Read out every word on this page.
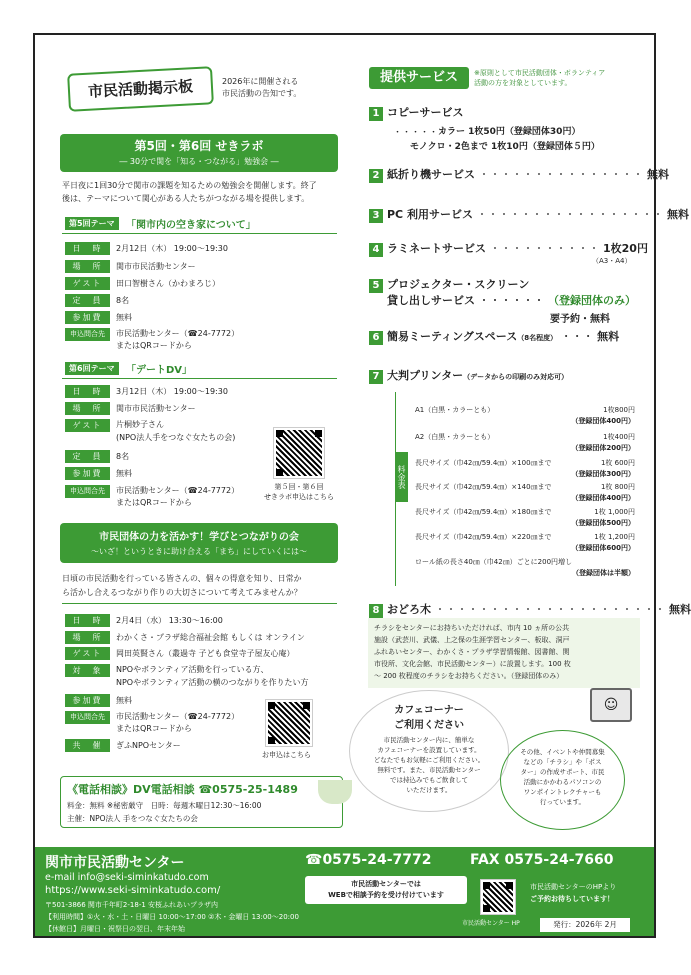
市民活動掲示板	2026年に開催される
市民活動の告知です。
第5回・第6回 せきラボ
― 30分で関を「知る・つながる」勉強会 ―
平日夜に1回30分で関市の課題を知るための勉強会を開催します。終了
後は、テーマについて関心がある人たちがつながる場を提供します。
第5回テーマ	「関市内の空き家について」
日　時	2月12日（木） 19:00～19:30
場　所	関市市民活動センター
ゲスト	田口智樹さん（かわまろじ）
定　員	8名
参加費	無料
申込問合先	市民活動センター（☎24-7772）
またはQRコードから
第6回テーマ	「デートDV」
日　時	3月12日（木） 19:00～19:30
場　所	関市市民活動センター
ゲスト	片桐妙子さん
(NPO法人手をつなぐ女たちの会)
定　員	8名
参加費	無料
申込問合先	市民活動センター（☎24-7772）
またはQRコードから
第５回・第６回
せきラボ申込はこちら
市民団体の力を活かす！学びとつながりの会
～いざ！というときに助け合える「まち」にしていくには～
日頃の市民活動を行っている皆さんの、個々の得意を知り、日常か
ら活かし合えるつながり作りの大切さについて考えてみませんか？
日　時	2月4日（水） 13:30～16:00
場　所	わかくさ・プラザ総合福祉会館 もしくは オンライン
ゲスト	岡田英賢さん（叢過寺 子ども食堂寺子屋友心庵）
対　象	NPOやボランティア活動を行っている方、
NPOやボランティア活動の横のつながりを作りたい方
参加費	無料
申込問合先	市民活動センター（☎24-7772）
またはQRコードから
共　催	ぎふNPOセンター
お申込はこちら
《電話相談》DV電話相談 ☎0575-25-1489
料金：無料 ※秘密厳守　日時：毎週木曜日12:30～16:00
主催：NPO法人 手をつなぐ女たちの会
提供サービス	※原則として市民活動団体・ボランティア
活動の方を対象としています。
1 コピーサービス
・・・・・・
カラー 1枚50円（登録団体30円）
モノクロ・2色まで 1枚10円（登録団体５円）
2 紙折り機サービス ・・・・・・・・・・・・・・・ 無料
3 PC 利用サービス ・・・・・・・・・・・・・・・・・ 無料
4 ラミネートサービス ・・・・・・・・・・ 1枚20円
（A3・A4）
5 プロジェクター・スクリーン
貸し出しサービス ・・・・・・ （登録団体のみ）
要予約・無料
6 簡易ミーティングスペース（8名程度） ・・・ 無料
7 大判プリンター（データからの印刷のみ対応可）
料金表
A1（白黒・カラーとも）	1枚800円
（登録団体400円）
A2（白黒・カラーとも）	1枚400円
（登録団体200円）
長尺サイズ（巾42㎝/59.4㎝）×100㎝まで	1枚 600円
（登録団体300円）
長尺サイズ（巾42㎝/59.4㎝）×140㎝まで	1枚 800円
（登録団体400円）
長尺サイズ（巾42㎝/59.4㎝）×180㎝まで	1枚 1,000円
（登録団体500円）
長尺サイズ（巾42㎝/59.4㎝）×220㎝まで	1枚 1,200円
（登録団体600円）
ロール紙の長さ40㎝（巾42㎝）ごとに200円増し
（登録団体は半額）
8 おどろ木 ・・・・・・・・・・・・・・・・・・・・・ 無料
チラシをセンターにお持ちいただければ、市内 10 ヵ所の公共
施設（武芸川、武儀、上之保の生涯学習センター、板取、洞戸
ふれあいセンター、わかくさ・プラザ学習情報館、図書館、関
市役所、文化会館、市民活動センター）に設置します。100 枚
～ 200 枚程度のチラシをお持ちください。（登録団体のみ）
カフェコーナー
ご利用ください
市民活動センター内に、簡単な
カフェコーナーを設置しています。
どなたでもお気軽にご利用ください。
無料です。また、市民活動センター
では持込みでもご飲食して
いただけます。
その他、イベントや仲間募集
などの「チラシ」や「ポス
ター」の作成サポート、市民
活動にかかわるパソコンの
ワンポイントレクチャーも
行っています。
☺
関市市民活動センター	☎0575-24-7772	FAX 0575-24-7660
e-mail info@seki-siminkatudo.com
https://www.seki-siminkatudo.com/
〒501-3866 関市千年町2-18-1 安桜ふれあいプラザ内
【利用時間】①火・水・土・日曜日 10:00～17:00 ②木・金曜日 13:00～20:00
【休館日】月曜日・祝祭日の翌日、年末年始
市民活動センターでは
WEBで相談予約を受け付けています
市民活動センター HP
市民活動センターのHPより
ご予約お待ちしています！
発行：2026年 2月
